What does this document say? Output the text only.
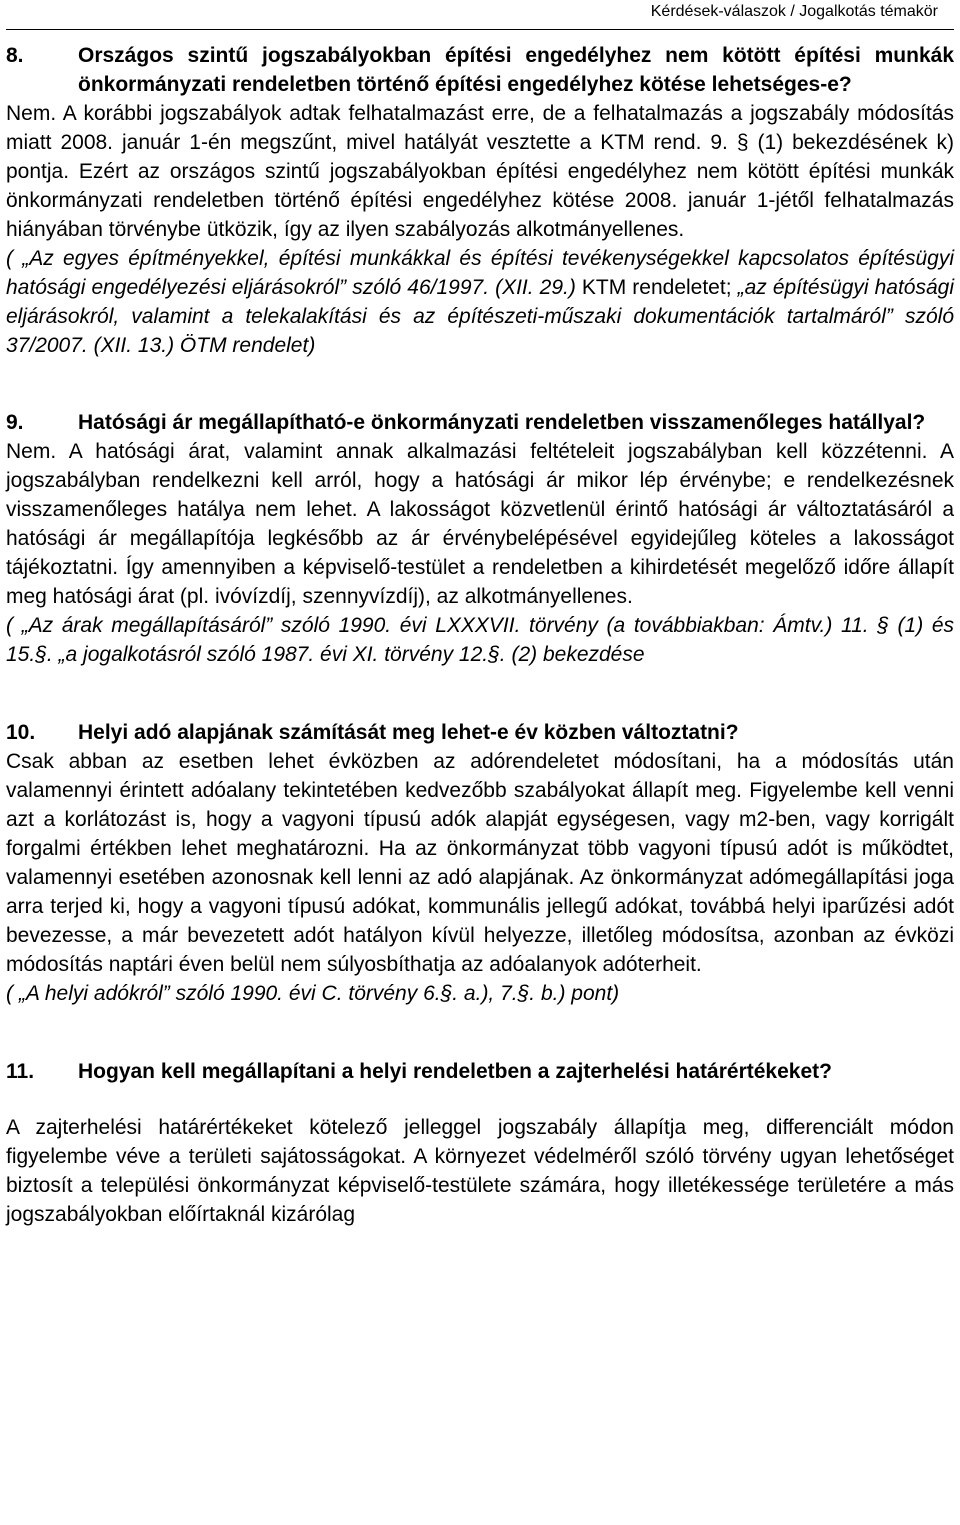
Kérdések-válaszok / Jogalkotás témakör
8.	Országos szintű jogszabályokban építési engedélyhez nem kötött építési munkák önkormányzati rendeletben történő építési engedélyhez kötése lehetséges-e?

Nem. A korábbi jogszabályok adtak felhatalmazást erre, de a felhatalmazás a jogszabály módosítás miatt 2008. január 1-én megszűnt, mivel hatályát vesztette a KTM rend. 9. § (1) bekezdésének k) pontja. Ezért az országos szintű jogszabályokban építési engedélyhez nem kötött építési munkák önkormányzati rendeletben történő építési engedélyhez kötése 2008. január 1-jétől felhatalmazás hiányában törvénybe ütközik, így az ilyen szabályozás alkotmányellenes.

( „Az egyes építményekkel, építési munkákkal és építési tevékenységekkel kapcsolatos építésügyi hatósági engedélyezési eljárásokról” szóló 46/1997. (XII. 29.) KTM rendeletet; „az építésügyi hatósági eljárásokról, valamint a telekalakítási és az építészeti-műszaki dokumentációk tartalmáról” szóló 37/2007. (XII. 13.) ÖTM rendelet)

9.	Hatósági ár megállapítható-e önkormányzati rendeletben visszamenőleges hatállyal?

Nem. A hatósági árat, valamint annak alkalmazási feltételeit jogszabályban kell közzétenni. A jogszabályban rendelkezni kell arról, hogy a hatósági ár mikor lép érvénybe; e rendelkezésnek visszamenőleges hatálya nem lehet. A lakosságot közvetlenül érintő hatósági ár változtatásáról a hatósági ár megállapítója legkésőbb az ár érvénybelépésével egyidejűleg köteles a lakosságot tájékoztatni. Így amennyiben a képviselő-testület a rendeletben a kihirdetését megelőző időre állapít meg hatósági árat (pl. ivóvízdíj, szennyvízdíj), az alkotmányellenes.

( „Az árak megállapításáról” szóló 1990. évi LXXXVII. törvény (a továbbiakban: Ámtv.) 11. § (1) és 15.§. „a jogalkotásról szóló 1987. évi XI. törvény 12.§. (2) bekezdése

10.	Helyi adó alapjának számítását meg lehet-e év közben változtatni?

Csak abban az esetben lehet évközben az adórendeletet módosítani, ha a módosítás után valamennyi érintett adóalany tekintetében kedvezőbb szabályokat állapít meg. Figyelembe kell venni azt a korlátozást is, hogy a vagyoni típusú adók alapját egységesen, vagy m2-ben, vagy korrigált forgalmi értékben lehet meghatározni. Ha az önkormányzat több vagyoni típusú adót is működtet, valamennyi esetében azonosnak kell lenni az adó alapjának. Az önkormányzat adómegállapítási joga arra terjed ki, hogy a vagyoni típusú adókat, kommunális jellegű adókat, továbbá helyi iparűzési adót bevezesse, a már bevezetett adót hatályon kívül helyezze, illetőleg módosítsa, azonban az évközi módosítás naptári éven belül nem súlyosbíthatja az adóalanyok adóterheit.

( „A helyi adókról” szóló 1990. évi C. törvény 6.§. a.), 7.§. b.) pont)

11.	Hogyan kell megállapítani a helyi rendeletben a zajterhelési határértékeket?

A zajterhelési határértékeket kötelező jelleggel jogszabály állapítja meg, differenciált módon figyelembe véve a területi sajátosságokat. A környezet védelméről szóló törvény ugyan lehetőséget biztosít a települési önkormányzat képviselő-testülete számára, hogy illetékessége területére a más jogszabályokban előírtaknál kizárólag
